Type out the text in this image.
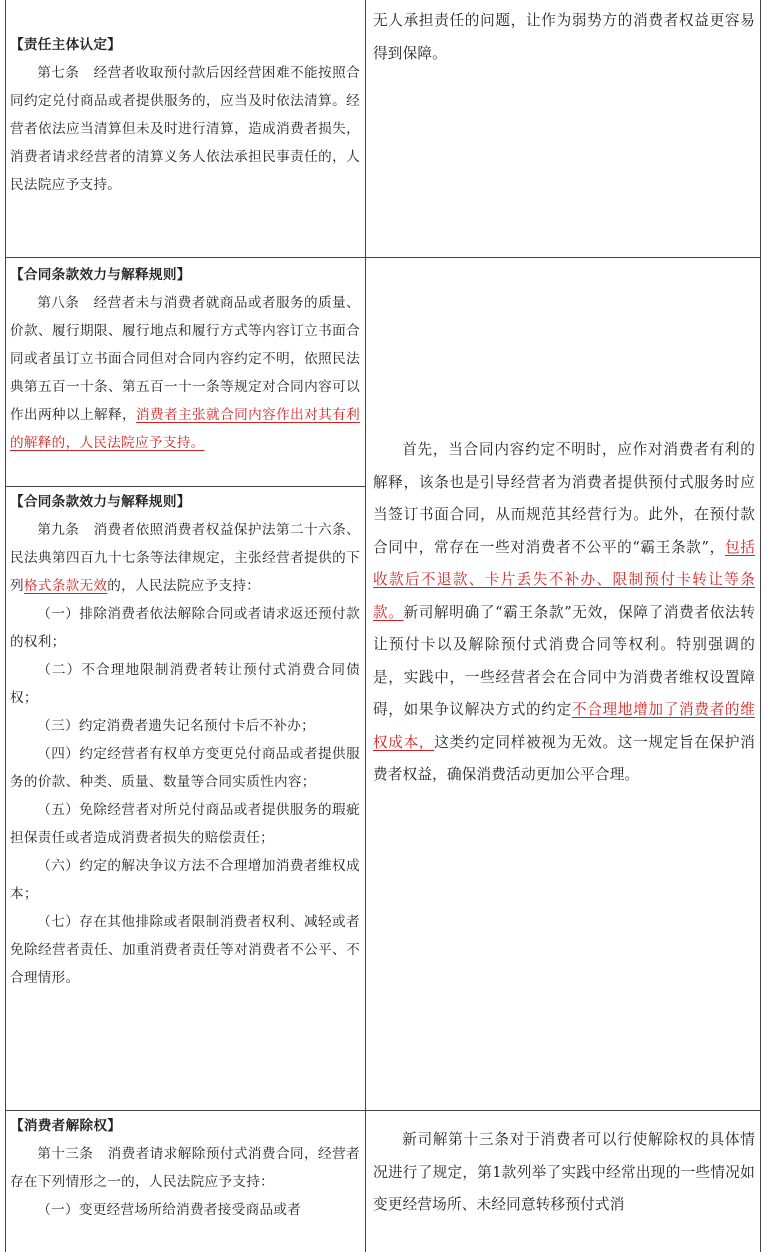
【责任主体认定】
第七条 经营者收取预付款后因经营困难不能按照合同约定兑付商品或者提供服务的，应当及时依法清算。经营者依法应当清算但未及时进行清算，造成消费者损失，消费者请求经营者的清算义务人依法承担民事责任的，人民法院应予支持。
无人承担责任的问题，让作为弱势方的消费者权益更容易得到保障。
【合同条款效力与解释规则】
第八条 经营者未与消费者就商品或者服务的质量、价款、履行期限、履行地点和履行方式等内容订立书面合同或者虽订立书面合同但对合同内容约定不明，依照民法典第五百一十条、第五百一十一条等规定对合同内容可以作出两种以上解释，消费者主张就合同内容作出对其有利的解释的，人民法院应予支持。
【合同条款效力与解释规则】
第九条 消费者依照消费者权益保护法第二十六条、民法典第四百九十七条等法律规定，主张经营者提供的下列格式条款无效的，人民法院应予支持：
（一）排除消费者依法解除合同或者请求返还预付款的权利；
（二）不合理地限制消费者转让预付式消费合同债权；
（三）约定消费者遗失记名预付卡后不补办；
（四）约定经营者有权单方变更兑付商品或者提供服务的价款、种类、质量、数量等合同实质性内容；
（五）免除经营者对所兑付商品或者提供服务的瑕疵担保责任或者造成消费者损失的赔偿责任；
（六）约定的解决争议方法不合理增加消费者维权成本；
（七）存在其他排除或者限制消费者权利、减轻或者免除经营者责任、加重消费者责任等对消费者不公平、不合理情形。
首先，当合同内容约定不明时，应作对消费者有利的解释，该条也是引导经营者为消费者提供预付式服务时应当签订书面合同，从而规范其经营行为。此外，在预付款合同中，常存在一些对消费者不公平的“霸王条款”，包括收款后不退款、卡片丢失不补办、限制预付卡转让等条款。新司解明确了“霸王条款”无效，保障了消费者依法转让预付卡以及解除预付式消费合同等权利。特别强调的是，实践中，一些经营者会在合同中为消费者维权设置障碍，如果争议解决方式的约定不合理地增加了消费者的维权成本，这类约定同样被视为无效。这一规定旨在保护消费者权益，确保消费活动更加公平合理。
【消费者解除权】
第十三条 消费者请求解除预付式消费合同，经营者存在下列情形之一的，人民法院应予支持：
（一）变更经营场所给消费者接受商品或者
新司解第十三条对于消费者可以行使解除权的具体情况进行了规定，第1款列举了实践中经常出现的一些情况如变更经营场所、未经同意转移预付式消
